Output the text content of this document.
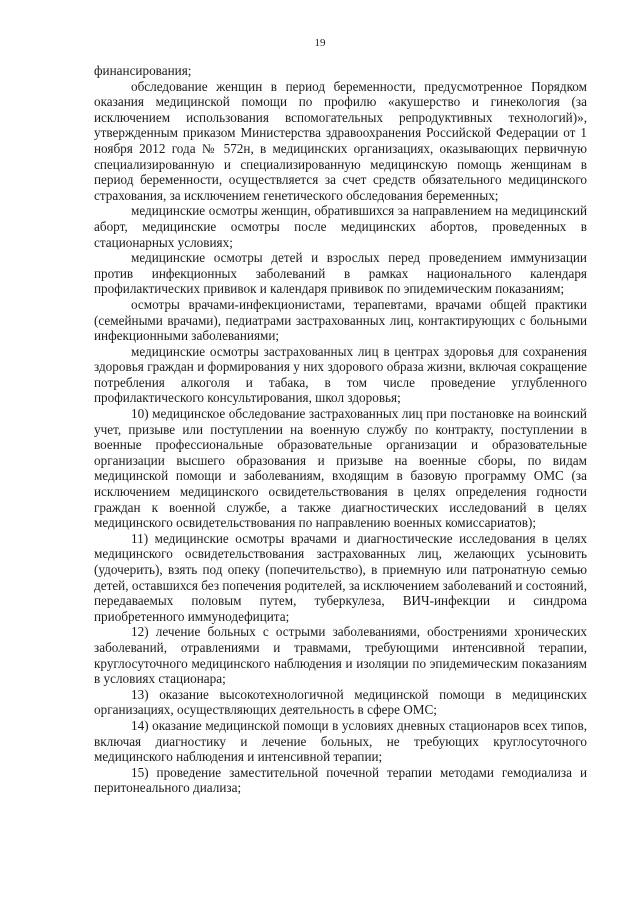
19

финансирования;

обследование женщин в период беременности, предусмотренное Порядком оказания медицинской помощи по профилю «акушерство и гинекология (за исключением использования вспомогательных репродуктивных технологий)», утвержденным приказом Министерства здравоохранения Российской Федерации от 1 ноября 2012 года № 572н, в медицинских организациях, оказывающих первичную специализированную и специализированную медицинскую помощь женщинам в период беременности, осуществляется за счет средств обязательного медицинского страхования, за исключением генетического обследования беременных;

медицинские осмотры женщин, обратившихся за направлением на медицинский аборт, медицинские осмотры после медицинских абортов, проведенных в стационарных условиях;

медицинские осмотры детей и взрослых перед проведением иммунизации против инфекционных заболеваний в рамках национального календаря профилактических прививок и календаря прививок по эпидемическим показаниям;

осмотры врачами-инфекционистами, терапевтами, врачами общей практики (семейными врачами), педиатрами застрахованных лиц, контактирующих с больными инфекционными заболеваниями;

медицинские осмотры застрахованных лиц в центрах здоровья для сохранения здоровья граждан и формирования у них здорового образа жизни, включая сокращение потребления алкоголя и табака, в том числе проведение углубленного профилактического консультирования, школ здоровья;

10) медицинское обследование застрахованных лиц при постановке на воинский учет, призыве или поступлении на военную службу по контракту, поступлении в военные профессиональные образовательные организации и образовательные организации высшего образования и призыве на военные сборы, по видам медицинской помощи и заболеваниям, входящим в базовую программу ОМС (за исключением медицинского освидетельствования в целях определения годности граждан к военной службе, а также диагностических исследований в целях медицинского освидетельствования по направлению военных комиссариатов);

11) медицинские осмотры врачами и диагностические исследования в целях медицинского освидетельствования застрахованных лиц, желающих усыновить (удочерить), взять под опеку (попечительство), в приемную или патронатную семью детей, оставшихся без попечения родителей, за исключением заболеваний и состояний, передаваемых половым путем, туберкулеза, ВИЧ-инфекции и синдрома приобретенного иммунодефицита;

12) лечение больных с острыми заболеваниями, обострениями хронических заболеваний, отравлениями и травмами, требующими интенсивной терапии, круглосуточного медицинского наблюдения и изоляции по эпидемическим показаниям в условиях стационара;

13) оказание высокотехнологичной медицинской помощи в медицинских организациях, осуществляющих деятельность в сфере ОМС;

14) оказание медицинской помощи в условиях дневных стационаров всех типов, включая диагностику и лечение больных, не требующих круглосуточного медицинского наблюдения и интенсивной терапии;

15) проведение заместительной почечной терапии методами гемодиализа и перитонеального диализа;
